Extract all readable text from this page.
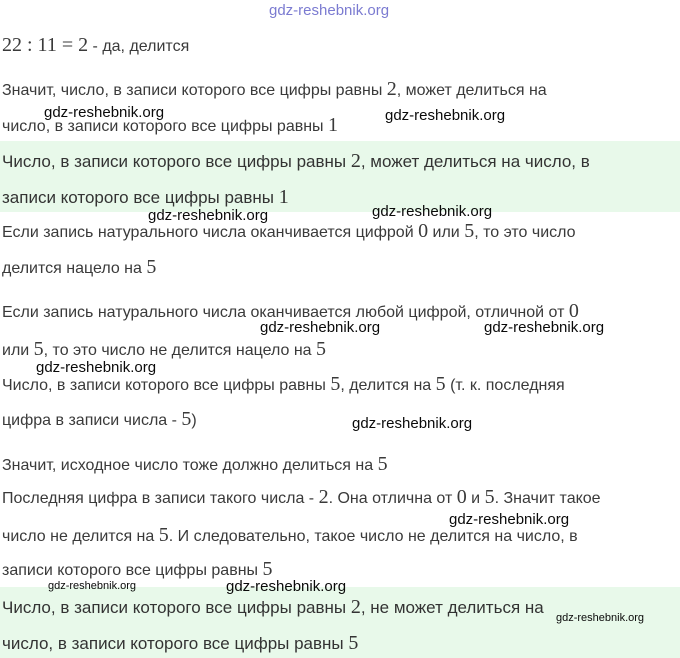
22 : 11 = 2 - да, делится
Значит, число, в записи которого все цифры равны 2, может делиться на
число, в записи которого все цифры равны 1
Число, в записи которого все цифры равны 2, может делиться на число, в
записи которого все цифры равны 1
Если запись натурального числа оканчивается цифрой 0 или 5, то это число
делится нацело на 5
Если запись натурального числа оканчивается любой цифрой, отличной от 0
или 5, то это число не делится нацело на 5
Число, в записи которого все цифры равны 5, делится на 5 (т. к. последняя
цифра в записи числа - 5)
Значит, исходное число тоже должно делиться на 5
Последняя цифра в записи такого числа - 2. Она отлична от 0 и 5. Значит такое
число не делится на 5. И следовательно, такое число не делится на число, в
записи которого все цифры равны 5
Число, в записи которого все цифры равны 2, не может делиться на
число, в записи которого все цифры равны 5
gdz-reshebnik.org
gdz-reshebnik.org	gdz-reshebnik.org
gdz-reshebnik.org	gdz-reshebnik.org
gdz-reshebnik.org	gdz-reshebnik.org
gdz-reshebnik.org
gdz-reshebnik.org
gdz-reshebnik.org
gdz-reshebnik.org	gdz-reshebnik.org
gdz-reshebnik.org
